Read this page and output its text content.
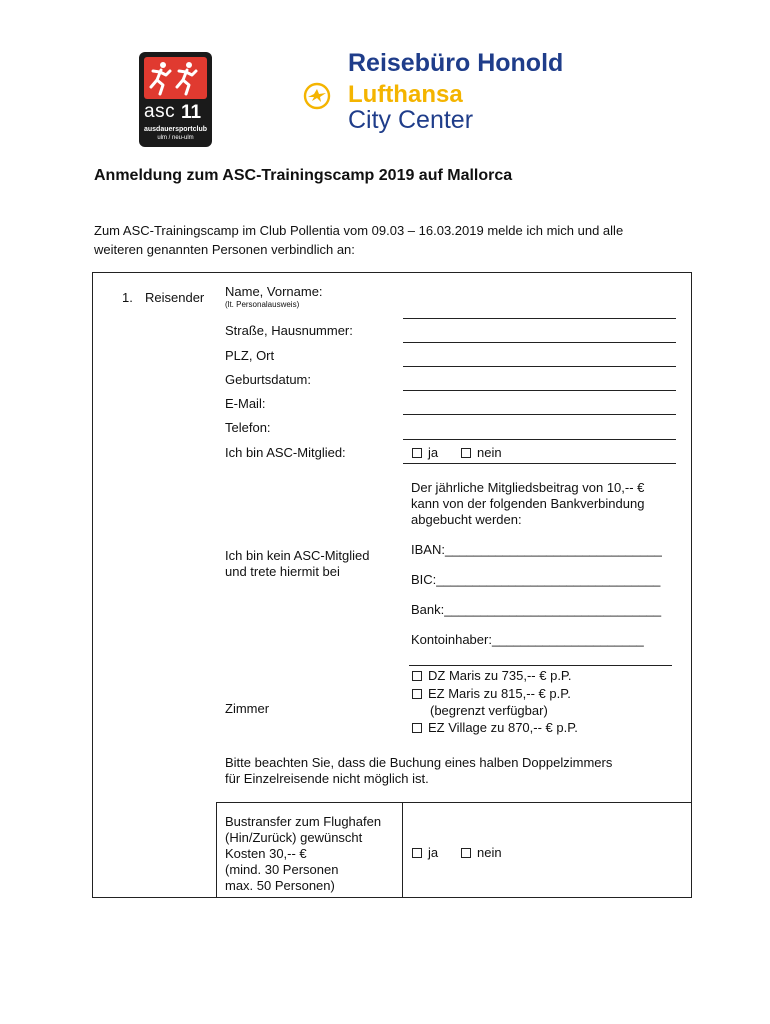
asc 11
ausdauersportclub
ulm / neu-ulm
Reisebüro Honold
Lufthansa
City Center
Anmeldung zum ASC-Trainingscamp 2019 auf Mallorca
Zum ASC-Trainingscamp im Club Pollentia vom 09.03 – 16.03.2019 melde ich mich und alle
weiteren genannten Personen verbindlich an:
1. Reisender Name, Vorname:
(lt. Personalausweis)
Straße, Hausnummer:
PLZ, Ort
Geburtsdatum:
E-Mail:
Telefon:
Ich bin ASC-Mitglied:	ja	nein
Der jährliche Mitgliedsbeitrag von 10,-- €
kann von der folgenden Bankverbindung
abgebucht werden:
Ich bin kein ASC-Mitglied
und trete hiermit bei
IBAN:______________________________
BIC:_______________________________
Bank:______________________________
Kontoinhaber:_____________________
Zimmer
DZ Maris zu 735,-- € p.P.
EZ Maris zu 815,-- € p.P.
(begrenzt verfügbar)
EZ Village zu 870,-- € p.P.
Bitte beachten Sie, dass die Buchung eines halben Doppelzimmers
für Einzelreisende nicht möglich ist.
Bustransfer zum Flughafen
(Hin/Zurück) gewünscht
Kosten 30,-- €
(mind. 30 Personen
max. 50 Personen)
ja	nein
